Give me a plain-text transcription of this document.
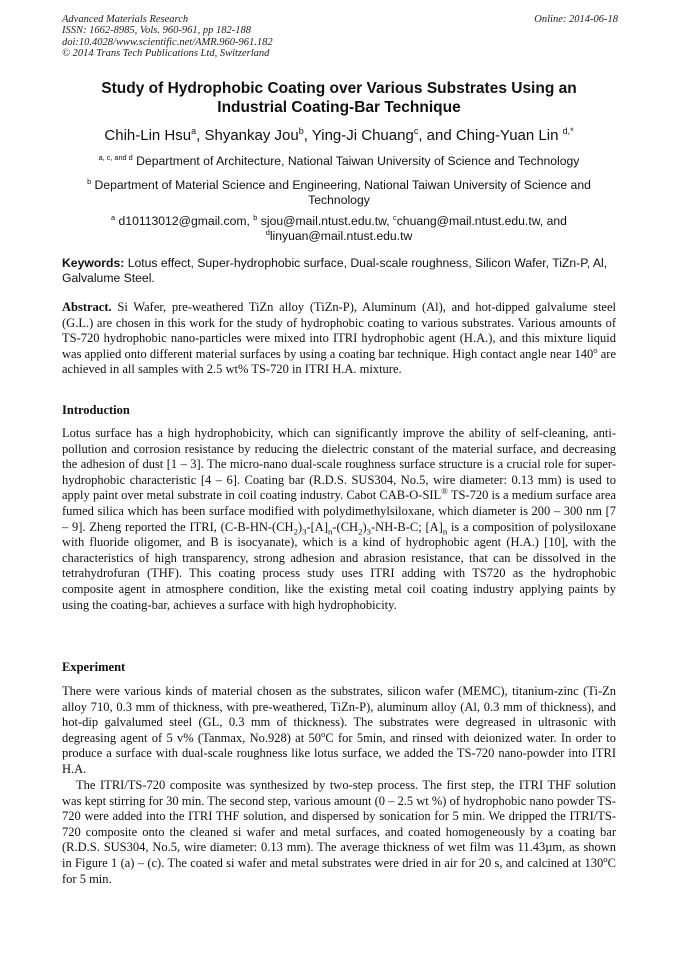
Advanced Materials Research
ISSN: 1662-8985, Vols. 960-961, pp 182-188
doi:10.4028/www.scientific.net/AMR.960-961.182
© 2014 Trans Tech Publications Ltd, Switzerland
Online: 2014-06-18
Study of Hydrophobic Coating over Various Substrates Using an
Industrial Coating-Bar Technique
Chih-Lin Hsu$^a$, Shyankay Jou$^b$, Ying-Ji Chuang$^c$, and Ching-Yuan Lin $^{d,*}$
$^{a, c, and d}$ Department of Architecture, National Taiwan University of Science and Technology
$^b$ Department of Material Science and Engineering, National Taiwan University of Science and Technology
$^a$ d10113012@gmail.com, $^b$ sjou@mail.ntust.edu.tw, $^c$chuang@mail.ntust.edu.tw, and
$^d$linyuan@mail.ntust.edu.tw
Keywords: Lotus effect, Super-hydrophobic surface, Dual-scale roughness, Silicon Wafer, TiZn-P, Al, Galvalume Steel.
Abstract. Si Wafer, pre-weathered TiZn alloy (TiZn-P), Aluminum (Al), and hot-dipped galvalume steel (G.L.) are chosen in this work for the study of hydrophobic coating to various substrates. Various amounts of TS-720 hydrophobic nano-particles were mixed into ITRI hydrophobic agent (H.A.), and this mixture liquid was applied onto different material surfaces by using a coating bar technique. High contact angle near 140$^o$ are achieved in all samples with 2.5 wt% TS-720 in ITRI H.A. mixture.
Introduction
Lotus surface has a high hydrophobicity, which can significantly improve the ability of self-cleaning, anti-pollution and corrosion resistance by reducing the dielectric constant of the material surface, and decreasing the adhesion of dust [1 – 3]. The micro-nano dual-scale roughness surface structure is a crucial role for super-hydrophobic characteristic [4 – 6]. Coating bar (R.D.S. SUS304, No.5, wire diameter: 0.13 mm) is used to apply paint over metal substrate in coil coating industry. Cabot CAB-O-SIL® TS-720 is a medium surface area fumed silica which has been surface modified with polydimethylsiloxane, which diameter is 200 – 300 nm [7 – 9]. Zheng reported the ITRI, ($C-B-HN-(CH_2)_3-[A]_n-(CH_2)_3-NH-B-C$; $[A]_n$ is a composition of polysiloxane with fluoride oligomer, and B is isocyanate), which is a kind of hydrophobic agent (H.A.) [10], with the characteristics of high transparency, strong adhesion and abrasion resistance, that can be dissolved in the tetrahydrofuran (THF). This coating process study uses ITRI adding with TS720 as the hydrophobic composite agent in atmosphere condition, like the existing metal coil coating industry applying paints by using the coating-bar, achieves a surface with high hydrophobicity.
Experiment
There were various kinds of material chosen as the substrates, silicon wafer (MEMC), titanium-zinc (Ti-Zn alloy 710, 0.3 mm of thickness, with pre-weathered, TiZn-P), aluminum alloy (Al, 0.3 mm of thickness), and hot-dip galvalumed steel (GL, 0.3 mm of thickness). The substrates were degreased in ultrasonic with degreasing agent of 5 v% (Tanmax, No.928) at 50$^o$C for 5min, and rinsed with deionized water. In order to produce a surface with dual-scale roughness like lotus surface, we added the TS-720 nano-powder into ITRI H.A.
The ITRI/TS-720 composite was synthesized by two-step process. The first step, the ITRI THF solution was kept stirring for 30 min. The second step, various amount (0 – 2.5 wt %) of hydrophobic nano powder TS-720 were added into the ITRI THF solution, and dispersed by sonication for 5 min. We dripped the ITRI/TS-720 composite onto the cleaned si wafer and metal surfaces, and coated homogeneously by a coating bar (R.D.S. SUS304, No.5, wire diameter: 0.13 mm). The average thickness of wet film was 11.43µm, as shown in Figure 1 (a) – (c). The coated si wafer and metal substrates were dried in air for 20 s, and calcined at 130$^o$C for 5 min.
